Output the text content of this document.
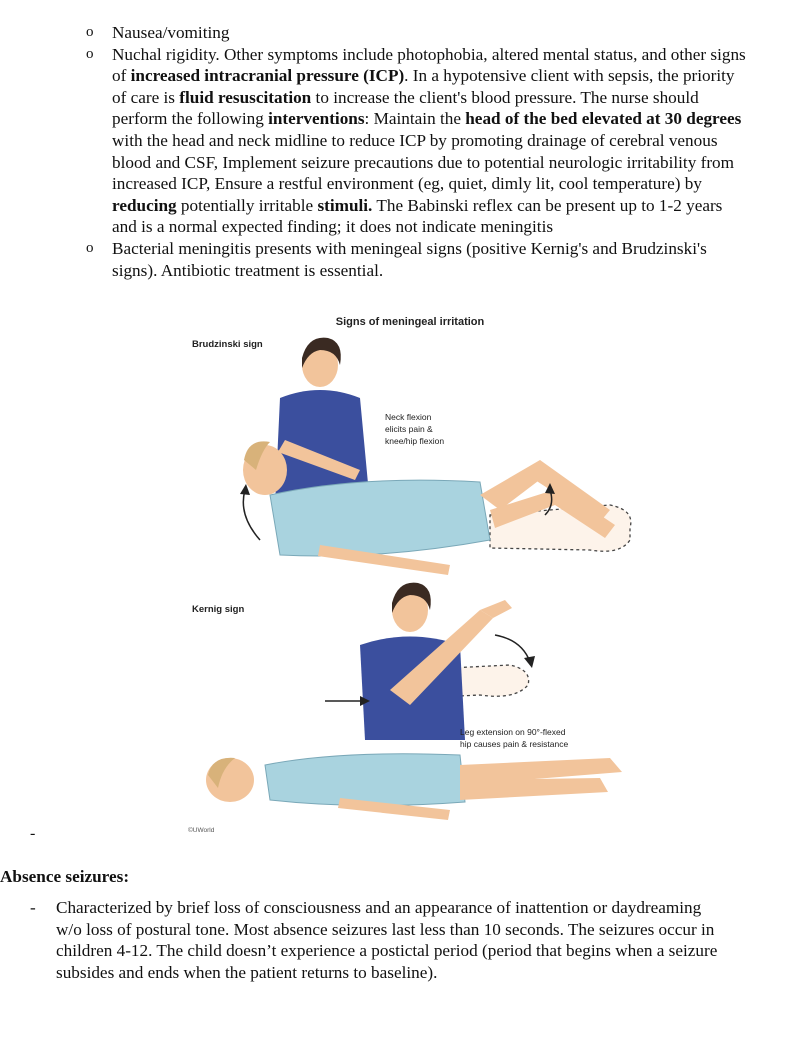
o Nausea/vomiting
o Nuchal rigidity. Other symptoms include photophobia, altered mental status, and other signs of increased intracranial pressure (ICP). In a hypotensive client with sepsis, the priority of care is fluid resuscitation to increase the client's blood pressure. The nurse should perform the following interventions: Maintain the head of the bed elevated at 30 degrees with the head and neck midline to reduce ICP by promoting drainage of cerebral venous blood and CSF, Implement seizure precautions due to potential neurologic irritability from increased ICP, Ensure a restful environment (eg, quiet, dimly lit, cool temperature) by reducing potentially irritable stimuli. The Babinski reflex can be present up to 1-2 years and is a normal expected finding; it does not indicate meningitis
o Bacterial meningitis presents with meningeal signs (positive Kernig's and Brudzinski's signs). Antibiotic treatment is essential.
Signs of meningeal irritation
Brudzinski sign
Neck flexion elicits pain & knee/hip flexion
Kernig sign
Leg extension on 90°-flexed hip causes pain & resistance
©UWorld
-
Absence seizures:
- Characterized by brief loss of consciousness and an appearance of inattention or daydreaming w/o loss of postural tone. Most absence seizures last less than 10 seconds. The seizures occur in children 4-12. The child doesn’t experience a postictal period (period that begins when a seizure subsides and ends when the patient returns to baseline).
